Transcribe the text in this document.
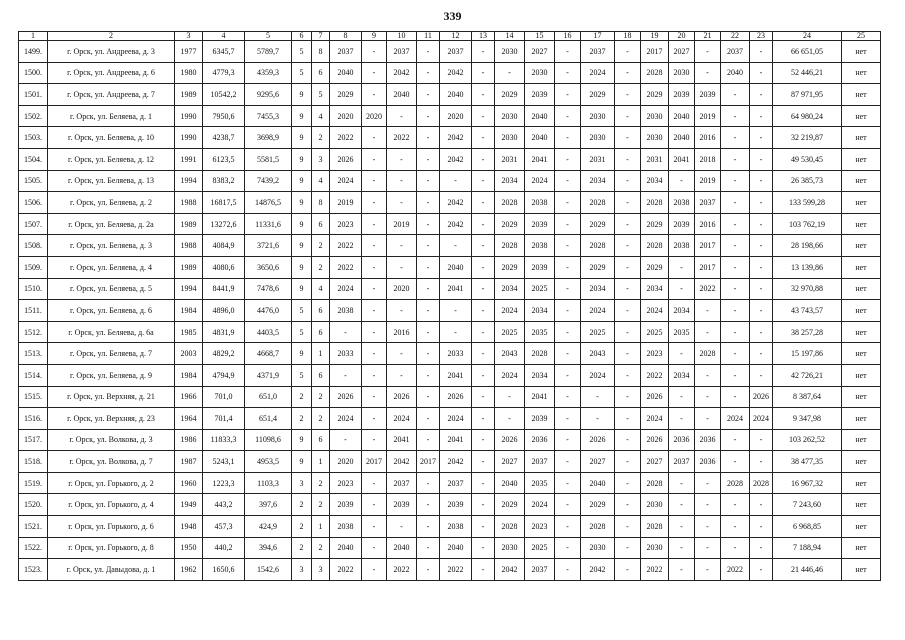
339
1	2	3	4	5	6	7	8	9	10	11	12	13	14	15	16	17	18	19	20	21	22	23	24	25
1499.	г. Орск, ул. Андреева, д. 3	1977	6345,7	5789,7	5	8	2037	-	2037	-	2037	-	2030	2027	-	2037	-	2017	2027	-	2037	-	66 651,05	нет
1500.	г. Орск, ул. Андреева, д. 6	1980	4779,3	4359,3	5	6	2040	-	2042	-	2042	-	-	2030	-	2024	-	2028	2030	-	2040	-	52 446,21	нет
1501.	г. Орск, ул. Андреева, д. 7	1989	10542,2	9295,6	9	5	2029	-	2040	-	2040	-	2029	2039	-	2029	-	2029	2039	2039	-	-	87 971,95	нет
1502.	г. Орск, ул. Беляева, д. 1	1990	7950,6	7455,3	9	4	2020	2020	-	-	2020	-	2030	2040	-	2030	-	2030	2040	2019	-	-	64 980,24	нет
1503.	г. Орск, ул. Беляева, д. 10	1990	4238,7	3698,9	9	2	2022	-	2022	-	2042	-	2030	2040	-	2030	-	2030	2040	2016	-	-	32 219,87	нет
1504.	г. Орск, ул. Беляева, д. 12	1991	6123,5	5581,5	9	3	2026	-	-	-	2042	-	2031	2041	-	2031	-	2031	2041	2018	-	-	49 530,45	нет
1505.	г. Орск, ул. Беляева, д. 13	1994	8383,2	7439,2	9	4	2024	-	-	-	-	-	2034	2024	-	2034	-	2034	-	2019	-	-	26 385,73	нет
1506.	г. Орск, ул. Беляева, д. 2	1988	16817,5	14876,5	9	8	2019	-	-	-	2042	-	2028	2038	-	2028	-	2028	2038	2037	-	-	133 599,28	нет
1507.	г. Орск, ул. Беляева, д. 2а	1989	13272,6	11331,6	9	6	2023	-	2019	-	2042	-	2029	2039	-	2029	-	2029	2039	2016	-	-	103 762,19	нет
1508.	г. Орск, ул. Беляева, д. 3	1988	4084,9	3721,6	9	2	2022	-	-	-	-	-	2028	2038	-	2028	-	2028	2038	2017	-	-	28 198,66	нет
1509.	г. Орск, ул. Беляева, д. 4	1989	4080,6	3650,6	9	2	2022	-	-	-	2040	-	2029	2039	-	2029	-	2029	-	2017	-	-	13 139,86	нет
1510.	г. Орск, ул. Беляева, д. 5	1994	8441,9	7478,6	9	4	2024	-	2020	-	2041	-	2034	2025	-	2034	-	2034	-	2022	-	-	32 970,88	нет
1511.	г. Орск, ул. Беляева, д. 6	1984	4896,0	4476,0	5	6	2038	-	-	-	-	-	2024	2034	-	2024	-	2024	2034	-	-	-	43 743,57	нет
1512.	г. Орск, ул. Беляева, д. 6а	1985	4831,9	4403,5	5	6	-	-	2016	-	-	-	2025	2035	-	2025	-	2025	2035	-	-	-	38 257,28	нет
1513.	г. Орск, ул. Беляева, д. 7	2003	4829,2	4668,7	9	1	2033	-	-	-	2033	-	2043	2028	-	2043	-	2023	-	2028	-	-	15 197,86	нет
1514.	г. Орск, ул. Беляева, д. 9	1984	4794,9	4371,9	5	6	-	-	-	-	2041	-	2024	2034	-	2024	-	2022	2034	-	-	-	42 726,21	нет
1515.	г. Орск, ул. Верхняя, д. 21	1966	701,0	651,0	2	2	2026	-	2026	-	2026	-	-	2041	-	-	-	2026	-	-	-	2026	8 387,64	нет
1516.	г. Орск, ул. Верхняя, д. 23	1964	701,4	651,4	2	2	2024	-	2024	-	2024	-	-	2039	-	-	-	2024	-	-	2024	2024	9 347,98	нет
1517.	г. Орск, ул. Волкова, д. 3	1986	11833,3	11098,6	9	6	-	-	2041	-	2041	-	2026	2036	-	2026	-	2026	2036	2036	-	-	103 262,52	нет
1518.	г. Орск, ул. Волкова, д. 7	1987	5243,1	4953,5	9	1	2020	2017	2042	2017	2042	-	2027	2037	-	2027	-	2027	2037	2036	-	-	38 477,35	нет
1519.	г. Орск, ул. Горького, д. 2	1960	1223,3	1103,3	3	2	2023	-	2037	-	2037	-	2040	2035	-	2040	-	2028	-	-	2028	2028	16 967,32	нет
1520.	г. Орск, ул. Горького, д. 4	1949	443,2	397,6	2	2	2039	-	2039	-	2039	-	2029	2024	-	2029	-	2030	-	-	-	-	7 243,60	нет
1521.	г. Орск, ул. Горького, д. 6	1948	457,3	424,9	2	1	2038	-	-	-	2038	-	2028	2023	-	2028	-	2028	-	-	-	-	6 968,85	нет
1522.	г. Орск, ул. Горького, д. 8	1950	440,2	394,6	2	2	2040	-	2040	-	2040	-	2030	2025	-	2030	-	2030	-	-	-	-	7 188,94	нет
1523.	г. Орск, ул. Давыдова, д. 1	1962	1650,6	1542,6	3	3	2022	-	2022	-	2022	-	2042	2037	-	2042	-	2022	-	-	2022	-	21 446,46	нет
